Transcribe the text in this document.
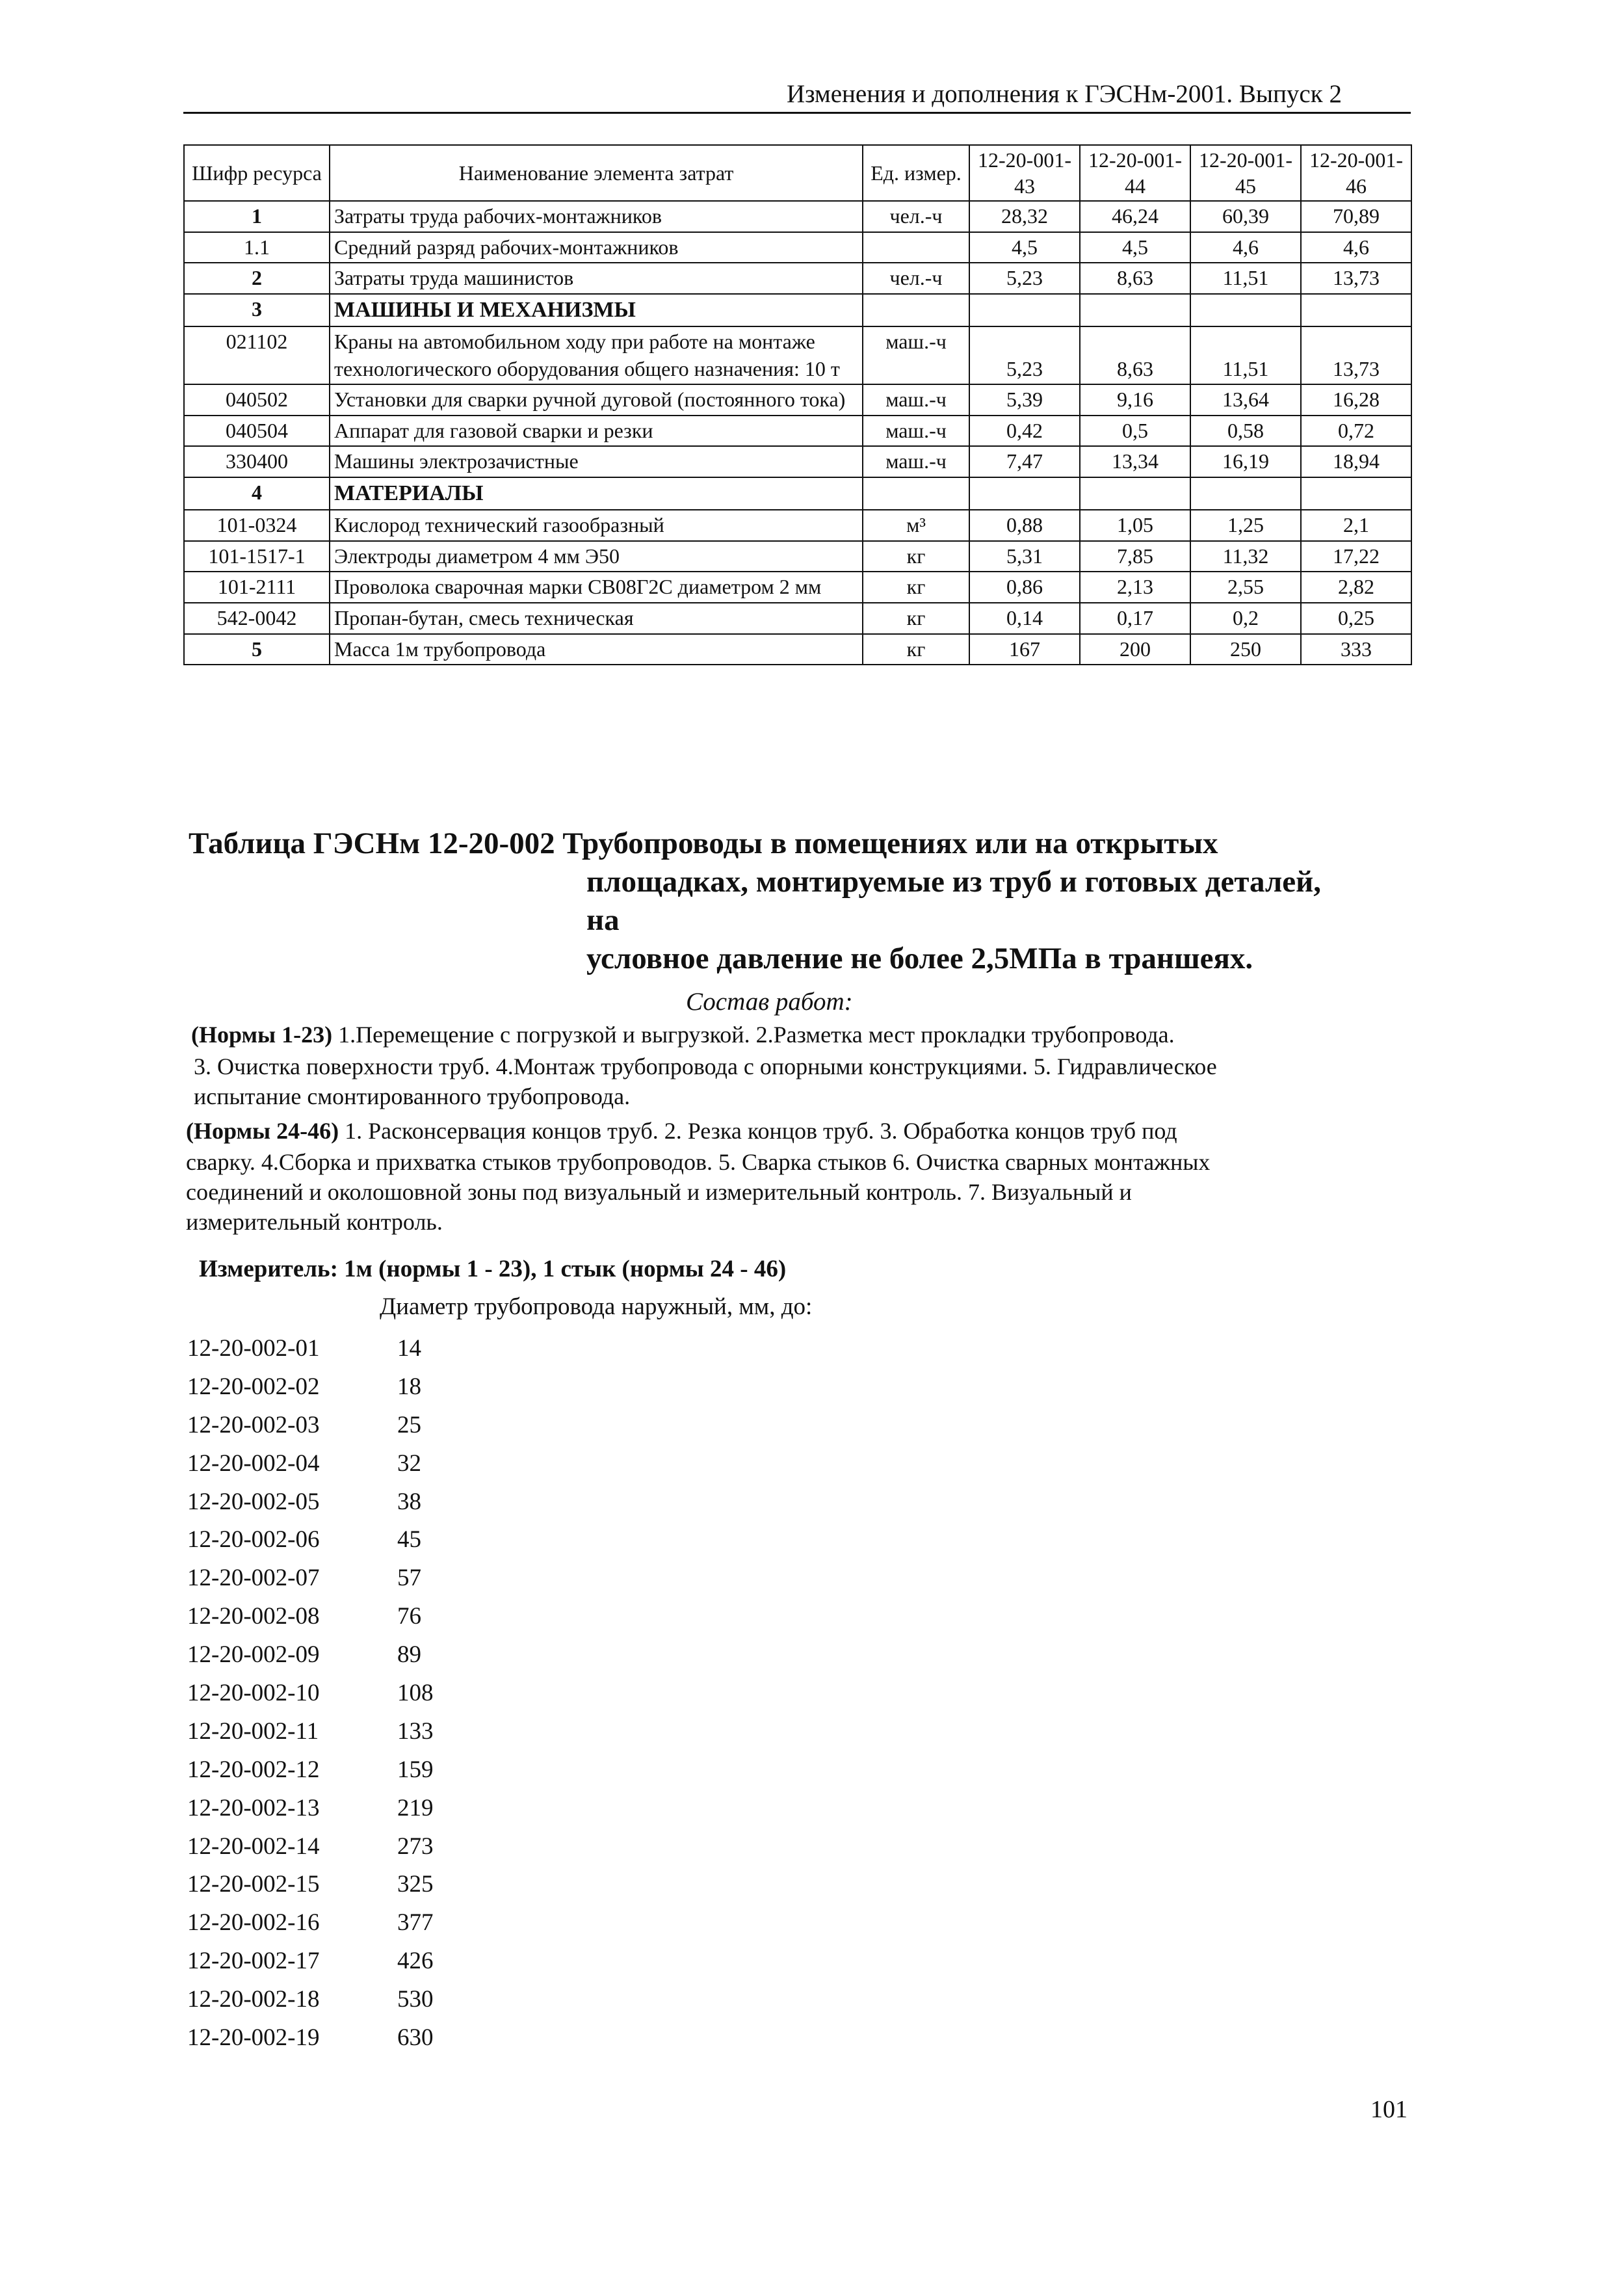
Изменения и дополнения к ГЭСНм-2001. Выпуск 2
Шифр ресурса	Наименование элемента затрат	Ед. измер.	12-20-001-43	12-20-001-44	12-20-001-45	12-20-001-46
1	Затраты труда рабочих-монтажников	чел.-ч	28,32	46,24	60,39	70,89
1.1	Средний разряд рабочих-монтажников		4,5	4,5	4,6	4,6
2	Затраты труда машинистов	чел.-ч	5,23	8,63	11,51	13,73
3	МАШИНЫ И МЕХАНИЗМЫ					
021102	Краны на автомобильном ходу при работе на монтаже технологического оборудования общего назначения: 10 т	маш.-ч	5,23	8,63	11,51	13,73
040502	Установки для сварки ручной дуговой (постоянного тока)	маш.-ч	5,39	9,16	13,64	16,28
040504	Аппарат для газовой сварки и резки	маш.-ч	0,42	0,5	0,58	0,72
330400	Машины электрозачистные	маш.-ч	7,47	13,34	16,19	18,94
4	МАТЕРИАЛЫ					
101-0324	Кислород технический газообразный	м³	0,88	1,05	1,25	2,1
101-1517-1	Электроды диаметром 4 мм Э50	кг	5,31	7,85	11,32	17,22
101-2111	Проволока сварочная марки СВ08Г2С диаметром 2 мм	кг	0,86	2,13	2,55	2,82
542-0042	Пропан-бутан, смесь техническая	кг	0,14	0,17	0,2	0,25
5	Масса 1м трубопровода	кг	167	200	250	333
Таблица ГЭСНм 12-20-002 Трубопроводы в помещениях или на открытых
площадках, монтируемые из труб и готовых деталей, на
условное давление не более 2,5МПа в траншеях.
Состав работ:
(Нормы 1-23) 1.Перемещение с погрузкой и выгрузкой. 2.Разметка мест прокладки трубопровода.
3. Очистка поверхности труб. 4.Монтаж трубопровода с опорными конструкциями. 5. Гидравлическое
испытание смонтированного трубопровода.
(Нормы 24-46) 1. Расконсервация концов труб. 2. Резка концов труб. 3. Обработка концов труб под
сварку. 4.Сборка и прихватка стыков трубопроводов. 5. Сварка стыков 6. Очистка сварных монтажных
соединений и околошовной зоны под визуальный и измерительный контроль. 7. Визуальный и
измерительный контроль.
Измеритель: 1м (нормы 1 - 23), 1 стык (нормы 24 - 46)
Диаметр трубопровода наружный, мм, до:
12-20-002-01	14
12-20-002-02	18
12-20-002-03	25
12-20-002-04	32
12-20-002-05	38
12-20-002-06	45
12-20-002-07	57
12-20-002-08	76
12-20-002-09	89
12-20-002-10	108
12-20-002-11	133
12-20-002-12	159
12-20-002-13	219
12-20-002-14	273
12-20-002-15	325
12-20-002-16	377
12-20-002-17	426
12-20-002-18	530
12-20-002-19	630
101
